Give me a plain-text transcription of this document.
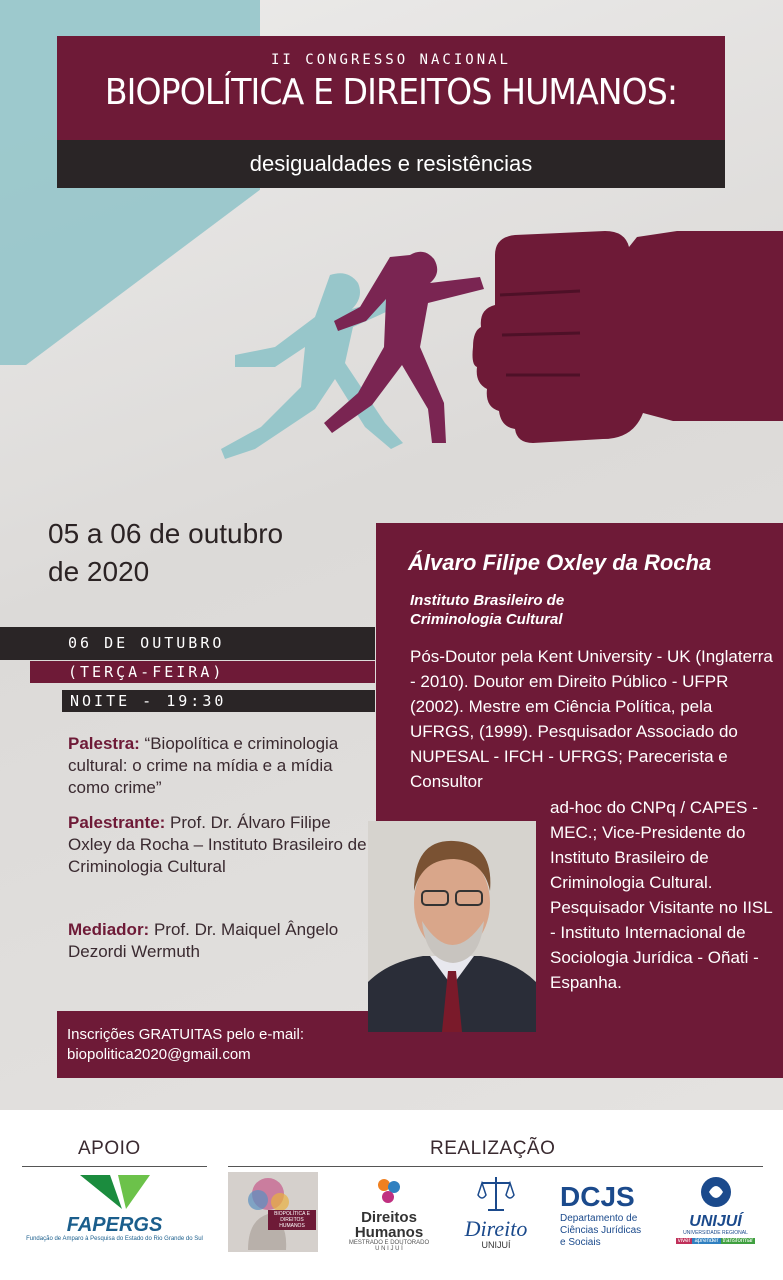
II CONGRESSO NACIONAL
BIOPOLÍTICA E DIREITOS HUMANOS:
desigualdades e resistências
05 a 06 de outubro
de 2020
06 DE OUTUBRO
(TERÇA-FEIRA)
NOITE - 19:30
Palestra: “Biopolítica e criminologia cultural: o crime na mídia e a mídia como crime”
Palestrante: Prof. Dr. Álvaro Filipe Oxley da Rocha – Instituto Brasileiro de Criminologia Cultural
Mediador: Prof. Dr. Maiquel Ângelo Dezordi Wermuth
Álvaro Filipe Oxley da Rocha
Instituto Brasileiro de Criminologia Cultural
Pós-Doutor pela Kent University - UK (Inglaterra - 2010). Doutor em Direito Público - UFPR (2002). Mestre em Ciência Política, pela UFRGS, (1999). Pesquisador Associado do NUPESAL - IFCH - UFRGS; Parecerista e Consultor
ad-hoc do CNPq / CAPES - MEC.; Vice-Presidente do Instituto Brasileiro de Criminologia Cultural. Pesquisador Visitante no IISL - Instituto Internacional de Sociologia Jurídica - Oñati - Espanha.
Inscrições GRATUITAS pelo e-mail:
biopolitica2020@gmail.com
APOIO	REALIZAÇÃO
FAPERGS
Fundação de Amparo à Pesquisa do Estado do Rio Grande do Sul
BIOPOLÍTICA E DIREITOS HUMANOS	Direitos
Humanos
MESTRADO E DOUTORADO
U N I J U Í
Direito
UNIJUÍ
DCJS
Departamento de Ciências Jurídicas e Sociais
UNIJUÍ
UNIVERSIDADE REGIONAL
viver aprender transformar
